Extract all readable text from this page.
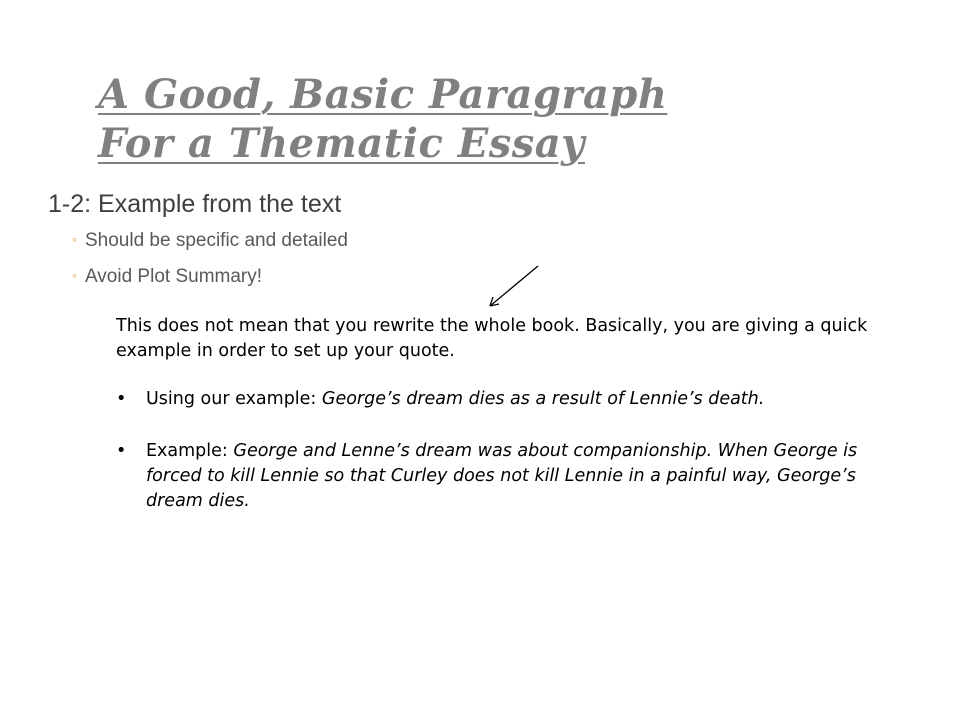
A Good, Basic Paragraph
For a Thematic Essay
1-2: Example from the text
◦ Should be specific and detailed
◦ Avoid Plot Summary!

This does not mean that you rewrite the whole book. Basically, you are giving a quick example in order to set up your quote.

• Using our example: George’s dream dies as a result of Lennie’s death.

• Example: George and Lenne’s dream was about companionship. When George is forced to kill Lennie so that Curley does not kill Lennie in a painful way, George’s dream dies.
